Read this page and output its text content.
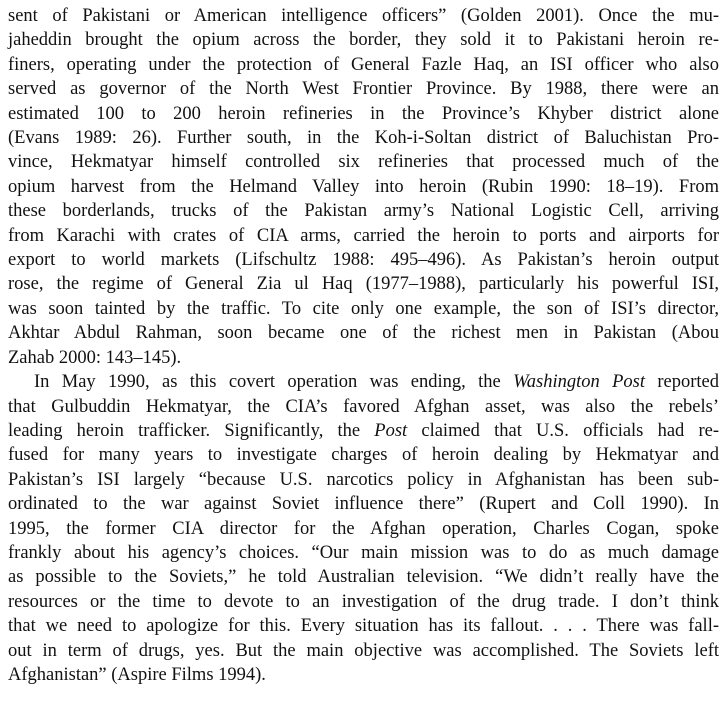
sent of Pakistani or American intelligence officers” (Golden 2001). Once the mu-
jaheddin brought the opium across the border, they sold it to Pakistani heroin re-
finers, operating under the protection of General Fazle Haq, an ISI officer who also
served as governor of the North West Frontier Province. By 1988, there were an
estimated 100 to 200 heroin refineries in the Province’s Khyber district alone
(Evans 1989: 26). Further south, in the Koh-i-Soltan district of Baluchistan Pro-
vince, Hekmatyar himself controlled six refineries that processed much of the
opium harvest from the Helmand Valley into heroin (Rubin 1990: 18–19). From
these borderlands, trucks of the Pakistan army’s National Logistic Cell, arriving
from Karachi with crates of CIA arms, carried the heroin to ports and airports for
export to world markets (Lifschultz 1988: 495–496). As Pakistan’s heroin output
rose, the regime of General Zia ul Haq (1977–1988), particularly his powerful ISI,
was soon tainted by the traffic. To cite only one example, the son of ISI’s director,
Akhtar Abdul Rahman, soon became one of the richest men in Pakistan (Abou
Zahab 2000: 143–145).
In May 1990, as this covert operation was ending, the Washington Post reported
that Gulbuddin Hekmatyar, the CIA’s favored Afghan asset, was also the rebels’
leading heroin trafficker. Significantly, the Post claimed that U.S. officials had re-
fused for many years to investigate charges of heroin dealing by Hekmatyar and
Pakistan’s ISI largely “because U.S. narcotics policy in Afghanistan has been sub-
ordinated to the war against Soviet influence there” (Rupert and Coll 1990). In
1995, the former CIA director for the Afghan operation, Charles Cogan, spoke
frankly about his agency’s choices. “Our main mission was to do as much damage
as possible to the Soviets,” he told Australian television. “We didn’t really have the
resources or the time to devote to an investigation of the drug trade. I don’t think
that we need to apologize for this. Every situation has its fallout. . . . There was fall-
out in term of drugs, yes. But the main objective was accomplished. The Soviets left
Afghanistan” (Aspire Films 1994).
